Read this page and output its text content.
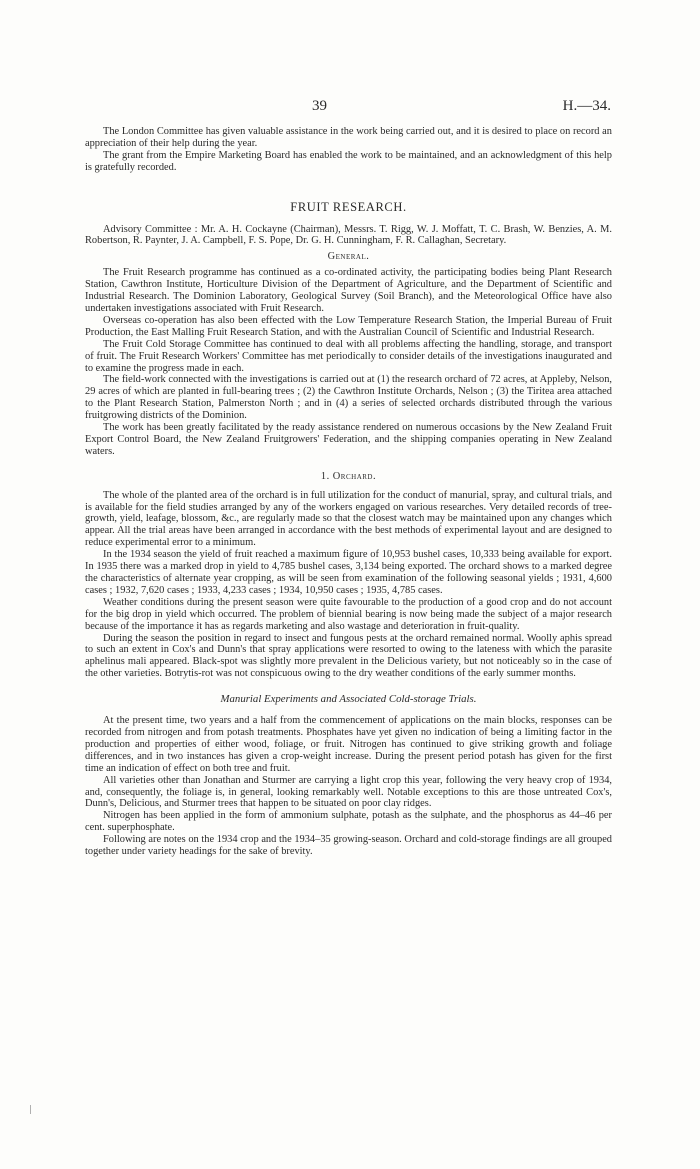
39	H.—34.

The London Committee has given valuable assistance in the work being carried out, and it is desired to place on record an appreciation of their help during the year.

The grant from the Empire Marketing Board has enabled the work to be maintained, and an acknowledgment of this help is gratefully recorded.

FRUIT RESEARCH.

Advisory Committee : Mr. A. H. Cockayne (Chairman), Messrs. T. Rigg, W. J. Moffatt, T. C. Brash, W. Benzies, A. M. Robertson, R. Paynter, J. A. Campbell, F. S. Pope, Dr. G. H. Cunningham, F. R. Callaghan, Secretary.

General.

The Fruit Research programme has continued as a co-ordinated activity, the participating bodies being Plant Research Station, Cawthron Institute, Horticulture Division of the Department of Agriculture, and the Department of Scientific and Industrial Research. The Dominion Laboratory, Geological Survey (Soil Branch), and the Meteorological Office have also undertaken investigations associated with Fruit Research.

Overseas co-operation has also been effected with the Low Temperature Research Station, the Imperial Bureau of Fruit Production, the East Malling Fruit Research Station, and with the Australian Council of Scientific and Industrial Research.

The Fruit Cold Storage Committee has continued to deal with all problems affecting the handling, storage, and transport of fruit. The Fruit Research Workers' Committee has met periodically to consider details of the investigations inaugurated and to examine the progress made in each.

The field-work connected with the investigations is carried out at (1) the research orchard of 72 acres, at Appleby, Nelson, 29 acres of which are planted in full-bearing trees ; (2) the Cawthron Institute Orchards, Nelson ; (3) the Tiritea area attached to the Plant Research Station, Palmerston North ; and in (4) a series of selected orchards distributed through the various fruitgrowing districts of the Dominion.

The work has been greatly facilitated by the ready assistance rendered on numerous occasions by the New Zealand Fruit Export Control Board, the New Zealand Fruitgrowers' Federation, and the shipping companies operating in New Zealand waters.

1. Orchard.

The whole of the planted area of the orchard is in full utilization for the conduct of manurial, spray, and cultural trials, and is available for the field studies arranged by any of the workers engaged on various researches. Very detailed records of tree-growth, yield, leafage, blossom, &c., are regularly made so that the closest watch may be maintained upon any changes which appear. All the trial areas have been arranged in accordance with the best methods of experimental layout and are designed to reduce experimental error to a minimum.

In the 1934 season the yield of fruit reached a maximum figure of 10,953 bushel cases, 10,333 being available for export. In 1935 there was a marked drop in yield to 4,785 bushel cases, 3,134 being exported. The orchard shows to a marked degree the characteristics of alternate year cropping, as will be seen from examination of the following seasonal yields ; 1931, 4,600 cases ; 1932, 7,620 cases ; 1933, 4,233 cases ; 1934, 10,950 cases ; 1935, 4,785 cases.

Weather conditions during the present season were quite favourable to the production of a good crop and do not account for the big drop in yield which occurred. The problem of biennial bearing is now being made the subject of a major research because of the importance it has as regards marketing and also wastage and deterioration in fruit-quality.

During the season the position in regard to insect and fungous pests at the orchard remained normal. Woolly aphis spread to such an extent in Cox's and Dunn's that spray applications were resorted to owing to the lateness with which the parasite aphelinus mali appeared. Black-spot was slightly more prevalent in the Delicious variety, but not noticeably so in the case of the other varieties. Botrytis-rot was not conspicuous owing to the dry weather conditions of the early summer months.

Manurial Experiments and Associated Cold-storage Trials.

At the present time, two years and a half from the commencement of applications on the main blocks, responses can be recorded from nitrogen and from potash treatments. Phosphates have yet given no indication of being a limiting factor in the production and properties of either wood, foliage, or fruit. Nitrogen has continued to give striking growth and foliage differences, and in two instances has given a crop-weight increase. During the present period potash has given for the first time an indication of effect on both tree and fruit.

All varieties other than Jonathan and Sturmer are carrying a light crop this year, following the very heavy crop of 1934, and, consequently, the foliage is, in general, looking remarkably well. Notable exceptions to this are those untreated Cox's, Dunn's, Delicious, and Sturmer trees that happen to be situated on poor clay ridges.

Nitrogen has been applied in the form of ammonium sulphate, potash as the sulphate, and the phosphorus as 44–46 per cent. superphosphate.

Following are notes on the 1934 crop and the 1934–35 growing-season. Orchard and cold-storage findings are all grouped together under variety headings for the sake of brevity.
